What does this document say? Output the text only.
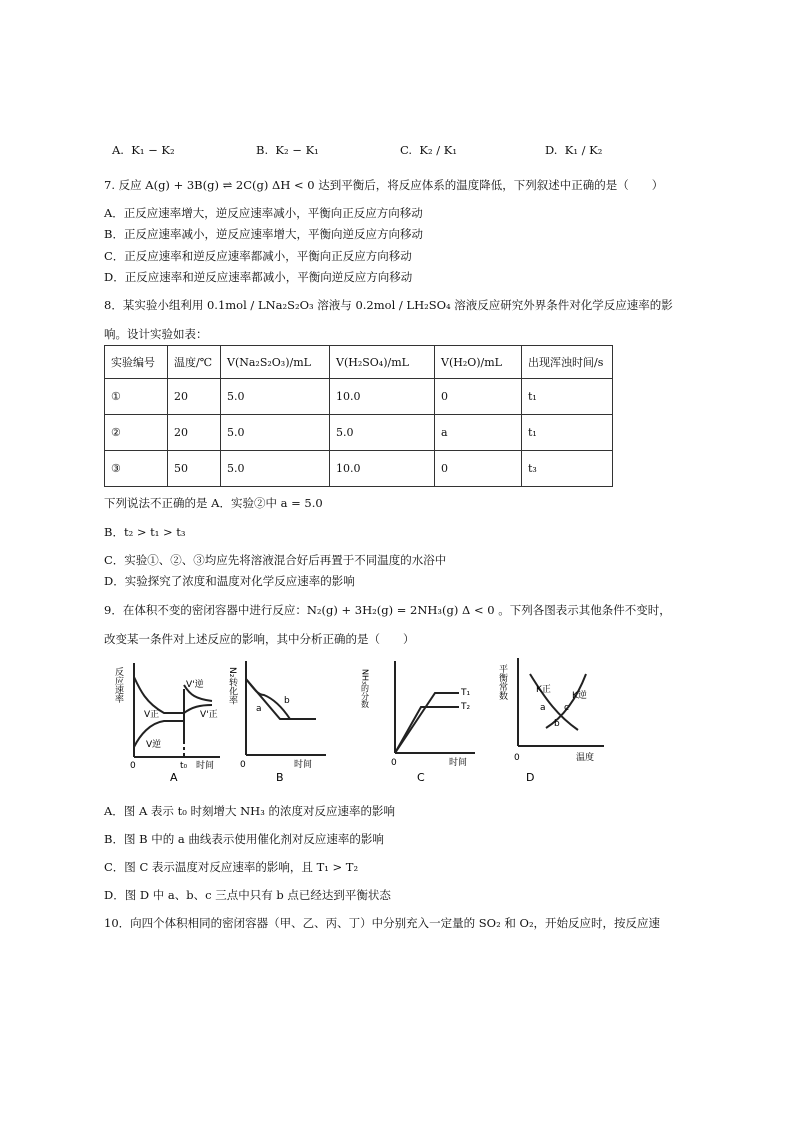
A. K₁ − K₂	B. K₂ − K₁	C. K₂ / K₁	D. K₁ / K₂
7. 反应 A(g) + 3B(g) ⇌ 2C(g) ΔH < 0 达到平衡后，将反应体系的温度降低，下列叙述中正确的是（　　）
A．正反应速率增大，逆反应速率减小，平衡向正反应方向移动
B．正反应速率减小，逆反应速率增大，平衡向逆反应方向移动
C．正反应速率和逆反应速率都减小，平衡向正反应方向移动
D．正反应速率和逆反应速率都减小，平衡向逆反应方向移动
8．某实验小组利用 0.1mol / LNa₂S₂O₃ 溶液与 0.2mol / LH₂SO₄ 溶液反应研究外界条件对化学反应速率的影
响。设计实验如表：
实验编号	温度/℃	V(Na₂S₂O₃)/mL	V(H₂SO₄)/mL	V(H₂O)/mL	出现浑浊时间/s
①	20	5.0	10.0	0	t₁
②	20	5.0	5.0	a	t₁
③	50	5.0	10.0	0	t₃
下列说法不正确的是 A．实验②中 a = 5.0
B．t₂ > t₁ > t₃
C．实验①、②、③均应先将溶液混合好后再置于不同温度的水浴中
D．实验探究了浓度和温度对化学反应速率的影响
9．在体积不变的密闭容器中进行反应：N₂(g) + 3H₂(g) = 2NH₃(g) Δ < 0 。下列各图表示其他条件不变时，
改变某一条件对上述反应的影响，其中分析正确的是（　　）
反应速率
V正
V逆
V'逆
V'正
0	t₀ 时间
A
N₂转化率
a
b
0	时间
B
NH₃的分数	T₁
T₂
0	时间
C
平衡常数	K正
K逆
a
b
c
0	温度
D
A．图 A 表示 t₀ 时刻增大 NH₃ 的浓度对反应速率的影响
B．图 B 中的 a 曲线表示使用催化剂对反应速率的影响
C．图 C 表示温度对反应速率的影响，且 T₁ > T₂
D．图 D 中 a、b、c 三点中只有 b 点已经达到平衡状态
10．向四个体积相同的密闭容器（甲、乙、丙、丁）中分别充入一定量的 SO₂ 和 O₂，开始反应时，按反应速
